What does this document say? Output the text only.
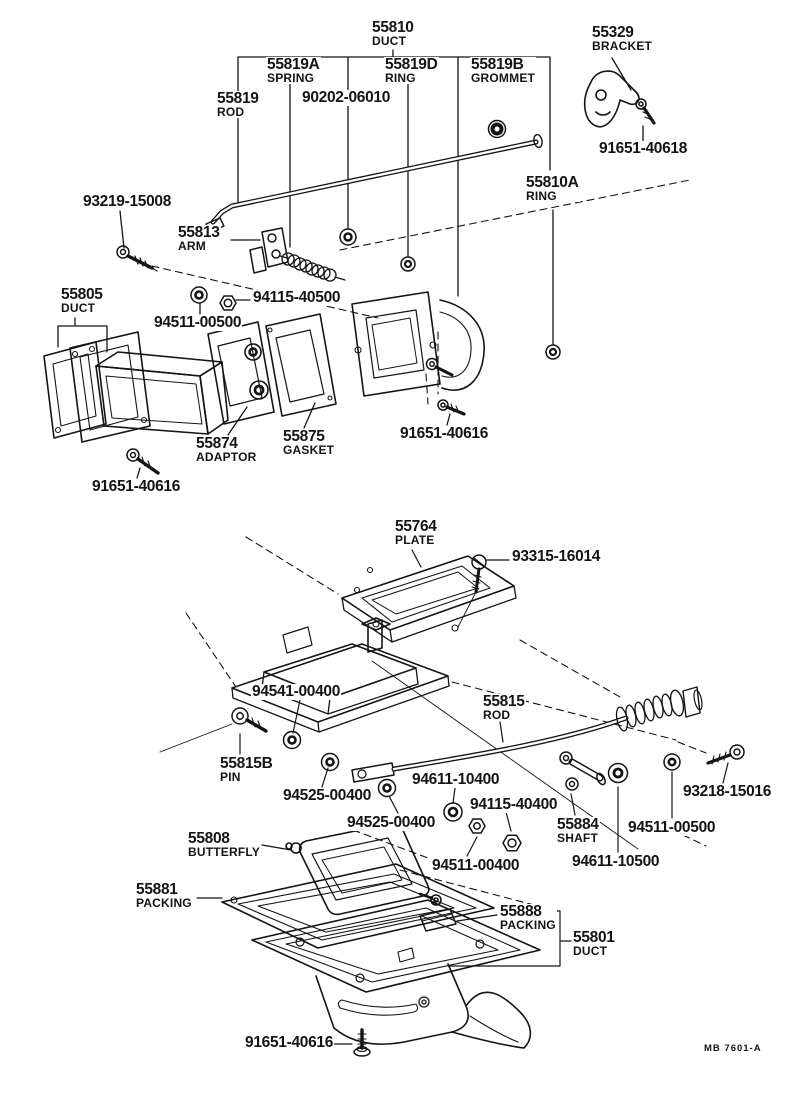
55810
DUCT
55819A
SPRING
55819D
RING
55819B
GROMMET
55819
ROD
90202-06010
55329
BRACKET
91651-40618
55810A
RING
93219-15008
55813
ARM
55805
DUCT
94115-40500
94511-00500
55874
ADAPTOR
55875
GASKET
91651-40616
91651-40616
55764
PLATE
93315-16014
94541-00400
55815
ROD
55815B
PIN
94525-00400
94525-00400
94611-10400
94115-40400
55884
SHAFT
94511-00500
93218-15016
94611-10500
94511-00400
55808
BUTTERFLY
55881
PACKING
55888
PACKING
55801
DUCT
91651-40616	MB 7601-A
